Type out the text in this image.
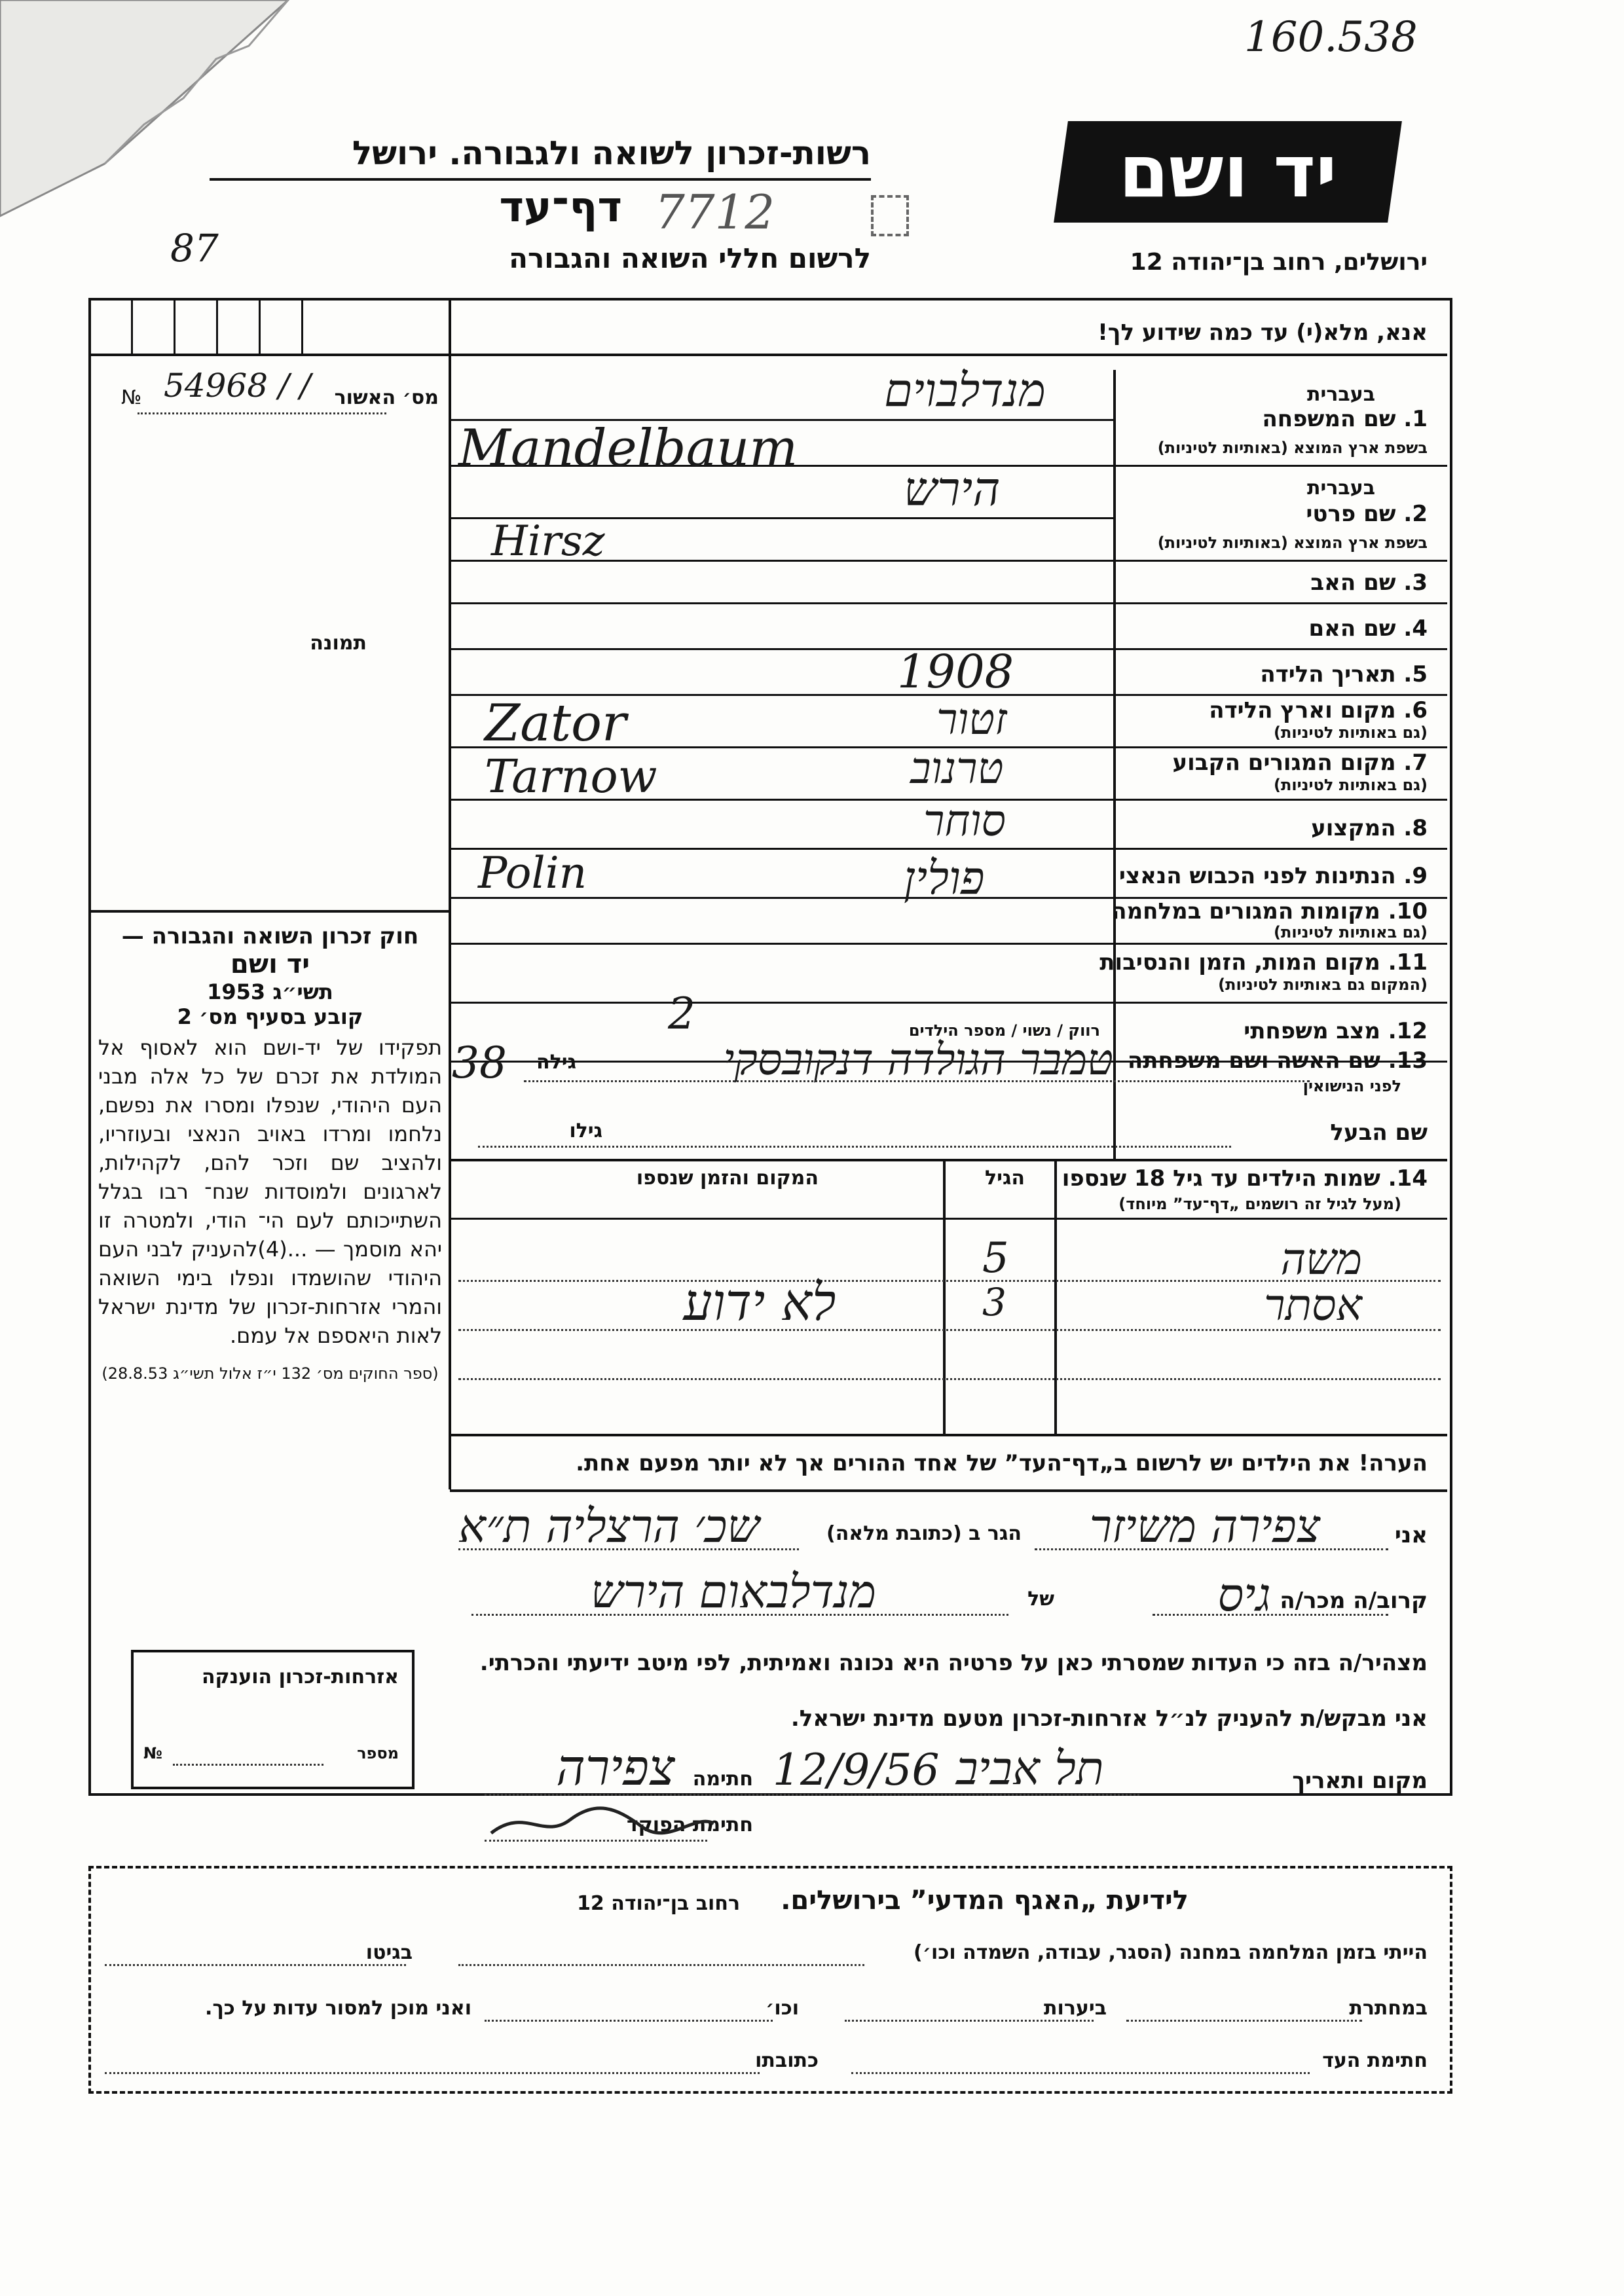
160.538
יד ושם
רשות-זכרון לשואה ולגבורה. ירושל
דף־עד 7712
87	לרשום חללי השואה והגבורה	ירושלים, רחוב בן־יהודה 12
№ 54968 / / מס׳ האשור
תמונה
חוק זכרון השואה והגבורה —
יד ושם
תשי״ג 1953
קובע בסעיף מס׳ 2
תפקידו של יד-ושם הוא לאסוף אל המולדת את זכרם של כל אלה מבני העם היהודי, שנפלו ומסרו את נפשם, נלחמו ומרדו באויב הנאצי ובעוזריו, ולהציב שם וזכר להם, לקהילות, לארגונים ולמוסדות שנח־ רבו בגלל השתייכותם לעם הי־ הודי, ולמטרה זו יהא מוסמך — ...(4)להעניק לבני העם היהודי שהושמדו ונפלו בימי השואה והמרי אזרחות-זכרון של מדינת ישראל לאות היאספם אל עמם.
(ספר החוקים מס׳ 132 י״ז אלול תשי״ג 28.8.53)
אנא, מלא(י) עד כמה שידוע לך!
בעברית
1. שם המשפחה
בשפת ארץ המוצא (באותיות לטיניות)
מנדלבוים
Mandelbaum
בעברית
2. שם פרטי
בשפת ארץ המוצא (באותיות לטיניות)
הירש
Hirsz
3. שם האב
4. שם האם
5. תאריך הלידה
1908
6. מקום וארץ הלידה
(גם באותיות לטיניות)
זטור
Zator
7. מקום המגורים הקבוע
(גם באותיות לטיניות)
טרנוב
Tarnow
8. המקצוע
סוחר
9. הנתינות לפני הכבוש הנאצי
פולין
Polin
10. מקומות המגורים במלחמה
(גם באותיות לטיניות)
11. מקום המות, הזמן והנסיבות
(המקום גם באותיות לטיניות)
12. מצב משפחתי
רווק / נשוי / מספר הילדים
2
13. שם האשה ושם משפחתה
לפני הנישואין
טמבר הגולדה דנקובסקי
גילה
38
שם הבעל
גילו
14. שמות הילדים עד גיל 18 שנספו
(מעל לגיל זה רושמים „דף־עד” מיוחד)
הגיל
המקום והזמן שנספו
משה
5
אסתר
3
לא ידוע
הערה! את הילדים יש לרשום ב„דף־העד” של אחד ההורים אך לא יותר מפעם אחת.
אני
צפירה משיזר
הגר ב (כתובת מלאה)
שכ׳ הרצליה ת״א
קרוב/ה מכר/ה
גיס
של
מנדלבאום הירש
מצהיר/ה בזה כי העדות שמסרתי כאן על פרטיה היא נכונה ואמיתית, לפי מיטב ידיעתי והכרתי.
אני מבקש/ת להעניק לנ״ל אזרחות-זכרון מטעם מדינת ישראל.
מקום ותאריך
תל אביב
12/9/56
חתימה
צפירה
חתימת הפוקד
אזרחות-זכרון הוענקה
מספר
№
לידיעת „האגף המדעי” בירושלים.
רחוב בן־יהודה 12
הייתי בזמן המלחמה במחנה (הסגר, עבודה, השמדה וכו׳)
בגיטו
במחתרת
ביערות
וכו׳
ואני מוכן למסור עדות על כך.
חתימת העד
כתובתו
